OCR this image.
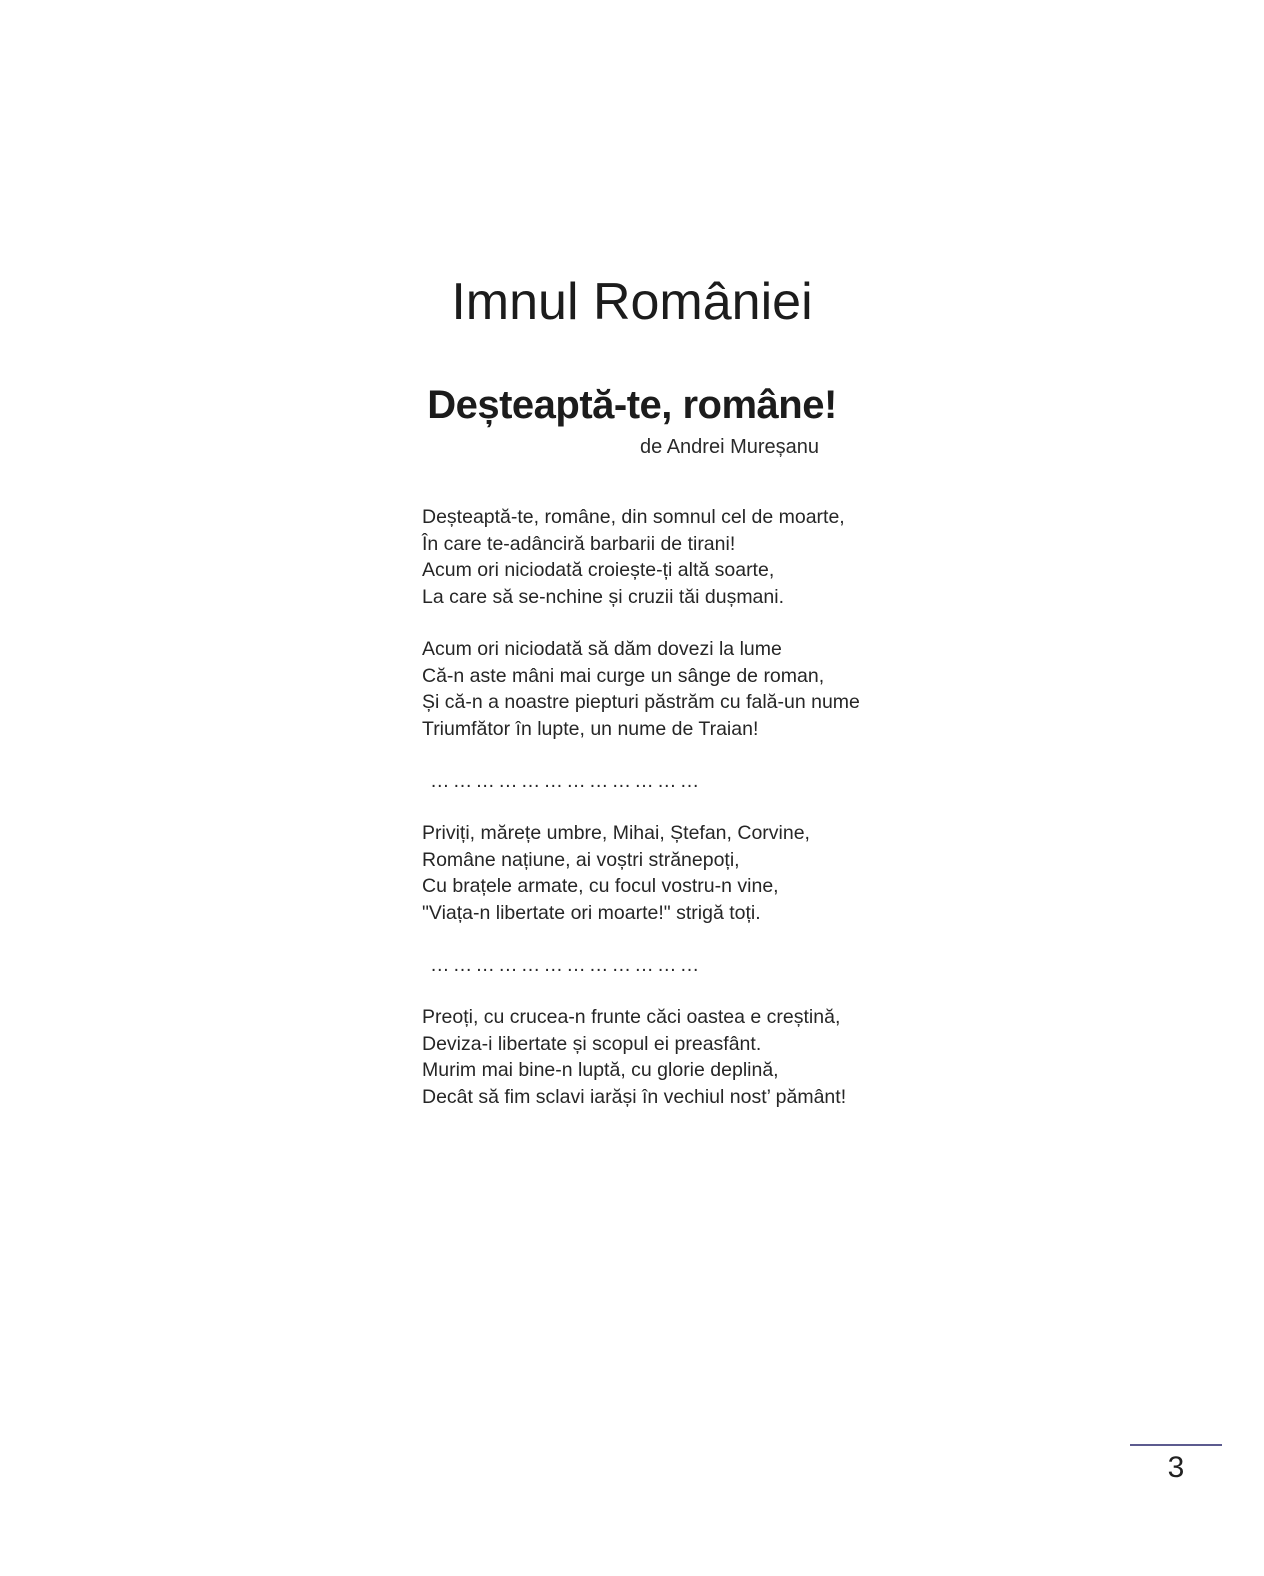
Imnul României
Deșteaptă-te, române!
de Andrei Mureșanu
Deșteaptă-te, române, din somnul cel de moarte,
În care te-adânciră barbarii de tirani!
Acum ori niciodată croiește-ți altă soarte,
La care să se-nchine și cruzii tăi dușmani.
Acum ori niciodată să dăm dovezi la lume
Că-n aste mâni mai curge un sânge de roman,
Și că-n a noastre piepturi păstrăm cu fală-un nume
Triumfător în lupte, un nume de Traian!
………………………………
Priviți, mărețe umbre, Mihai, Ștefan, Corvine,
Române națiune, ai voștri strănepoți,
Cu brațele armate, cu focul vostru-n vine,
"Viața-n libertate ori moarte!" strigă toți.
………………………………
Preoți, cu crucea-n frunte căci oastea e creștină,
Deviza-i libertate și scopul ei preasfânt.
Murim mai bine-n luptă, cu glorie deplină,
Decât să fim sclavi iarăși în vechiul nost’ pământ!
3
